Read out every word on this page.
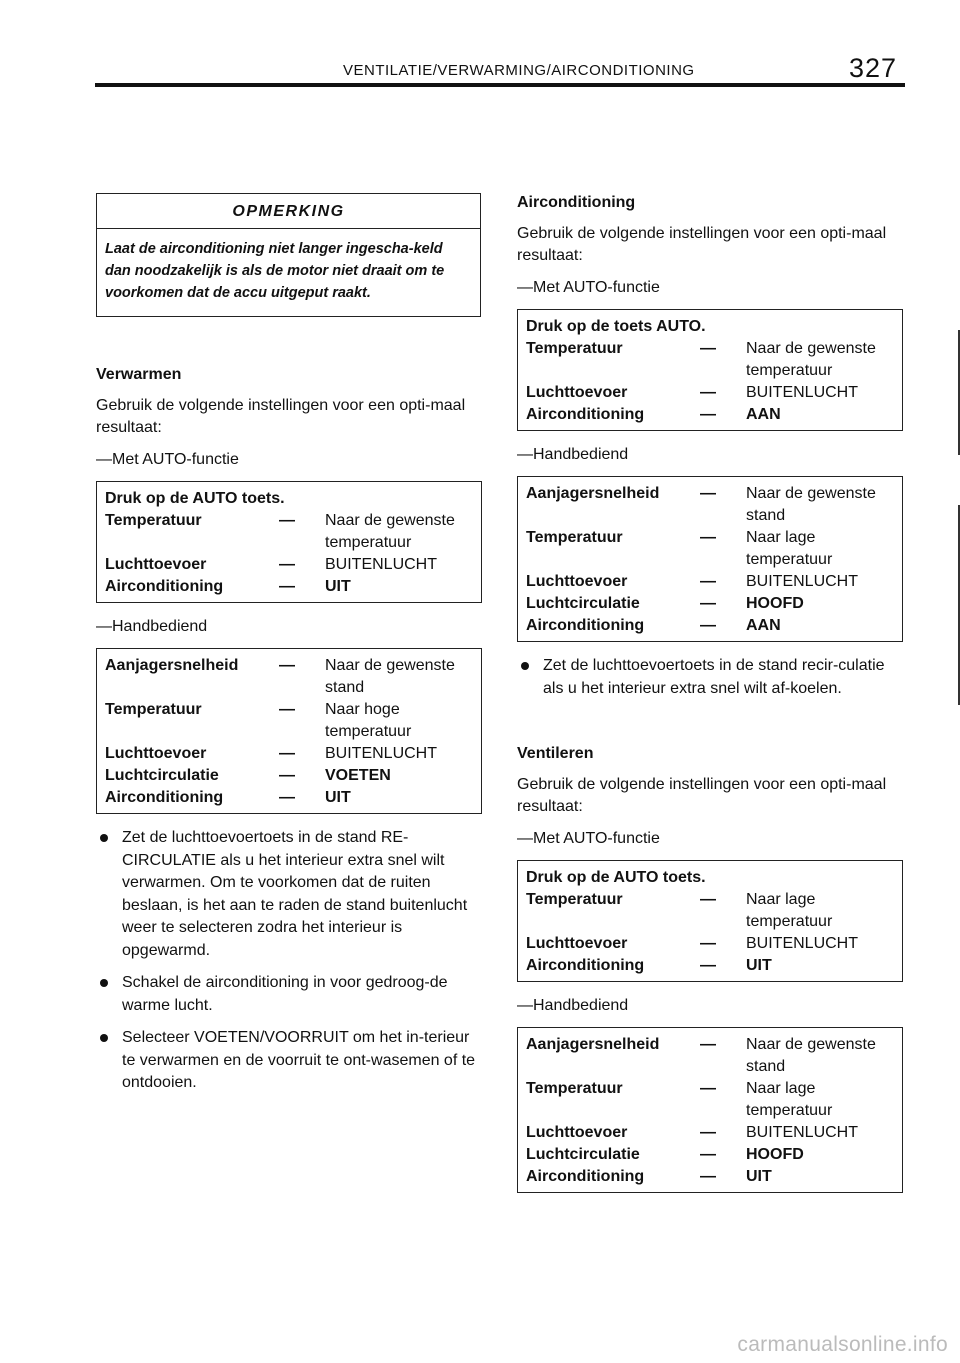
VENTILATIE/VERWARMING/AIRCONDITIONING	327
OPMERKING
Laat de airconditioning niet langer ingescha-keld dan noodzakelijk is als de motor niet draait om te voorkomen dat de accu uitgeput raakt.
Verwarmen
Gebruik de volgende instellingen voor een opti-maal resultaat:
—Met AUTO-functie
Druk op de AUTO toets.
Temperatuur	—	Naar de gewenste temperatuur
Luchttoevoer	—	BUITENLUCHT
Airconditioning	—	UIT
—Handbediend
Aanjagersnelheid	—	Naar de gewenste stand
Temperatuur	—	Naar hoge temperatuur
Luchttoevoer	—	BUITENLUCHT
Luchtcirculatie	—	VOETEN
Airconditioning	—	UIT
Zet de luchttoevoertoets in de stand RE-CIRCULATIE als u het interieur extra snel wilt verwarmen. Om te voorkomen dat de ruiten beslaan, is het aan te raden de stand buitenlucht weer te selecteren zodra het interieur is opgewarmd.
Schakel de airconditioning in voor gedroog-de warme lucht.
Selecteer VOETEN/VOORRUIT om het in-terieur te verwarmen en de voorruit te ont-wasemen of te ontdooien.
Airconditioning
Gebruik de volgende instellingen voor een opti-maal resultaat:
—Met AUTO-functie
Druk op de toets AUTO.
Temperatuur	—	Naar de gewenste temperatuur
Luchttoevoer	—	BUITENLUCHT
Airconditioning	—	AAN
—Handbediend
Aanjagersnelheid	—	Naar de gewenste stand
Temperatuur	—	Naar lage temperatuur
Luchttoevoer	—	BUITENLUCHT
Luchtcirculatie	—	HOOFD
Airconditioning	—	AAN
Zet de luchttoevoertoets in de stand recir-culatie als u het interieur extra snel wilt af-koelen.
Ventileren
Gebruik de volgende instellingen voor een opti-maal resultaat:
—Met AUTO-functie
Druk op de AUTO toets.
Temperatuur	—	Naar lage temperatuur
Luchttoevoer	—	BUITENLUCHT
Airconditioning	—	UIT
—Handbediend
Aanjagersnelheid	—	Naar de gewenste stand
Temperatuur	—	Naar lage temperatuur
Luchttoevoer	—	BUITENLUCHT
Luchtcirculatie	—	HOOFD
Airconditioning	—	UIT
carmanualsonline.info
